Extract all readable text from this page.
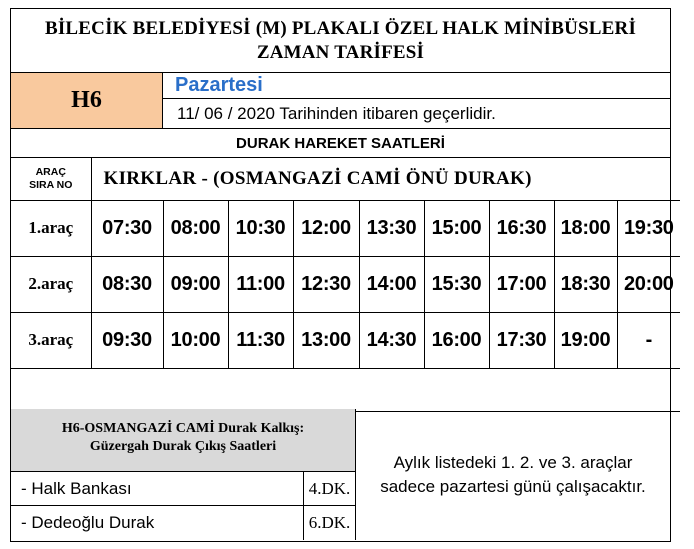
BİLECİK BELEDİYESİ (M) PLAKALI ÖZEL HALK MİNİBÜSLERİ
ZAMAN TARİFESİ
H6
Pazartesi
11/ 06 / 2020 Tarihinden itibaren geçerlidir.
DURAK HAREKET SAATLERİ
ARAÇ
SIRA NO	KIRKLAR - (OSMANGAZİ CAMİ ÖNÜ DURAK)								
1.araç	07:30	08:00	10:30	12:00	13:30	15:00	16:30	18:00	19:30
2.araç	08:30	09:00	11:00	12:30	14:00	15:30	17:00	18:30	20:00
3.araç	09:30	10:00	11:30	13:00	14:30	16:00	17:30	19:00	-

H6-OSMANGAZİ CAMİ Durak Kalkış:
Güzergah Durak Çıkış Saatleri
- Halk Bankası	4.DK.
- Dedeoğlu Durak	6.DK.
Aylık listedeki 1. 2. ve 3. araçlar sadece pazartesi günü çalışacaktır.
